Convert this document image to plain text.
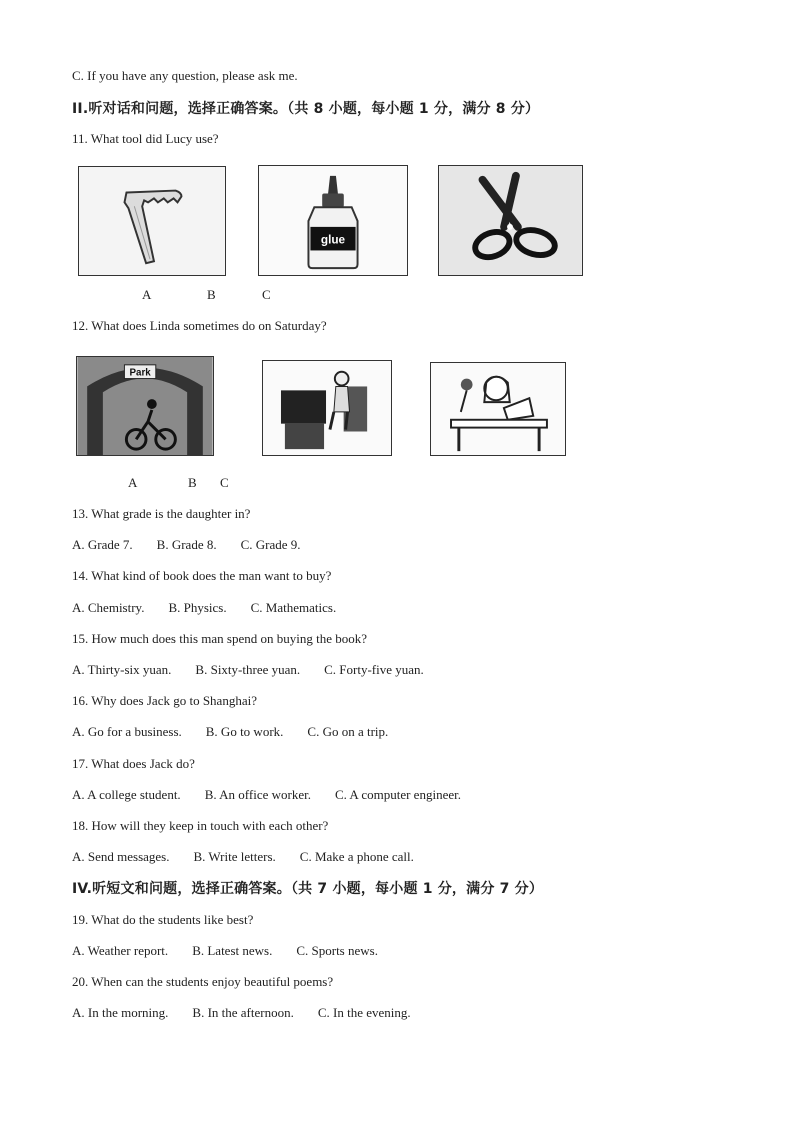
C. If you have any question, please ask me.
II.听对话和问题，选择正确答案。（共 8 小题，每小题 1 分，满分 8 分）
11. What tool did Lucy use?
glue
A	B	C
12. What does Linda sometimes do on Saturday?
Park
A	B C
13. What grade is the daughter in?
A. Grade 7. B. Grade 8. C. Grade 9.
14. What kind of book does the man want to buy?
A. Chemistry. B. Physics. C. Mathematics.
15. How much does this man spend on buying the book?
A. Thirty-six yuan. B. Sixty-three yuan. C. Forty-five yuan.
16. Why does Jack go to Shanghai?
A. Go for a business. B. Go to work. C. Go on a trip.
17. What does Jack do?
A. A college student. B. An office worker. C. A computer engineer.
18. How will they keep in touch with each other?
A. Send messages. B. Write letters. C. Make a phone call.
IV.听短文和问题，选择正确答案。（共 7 小题，每小题 1 分，满分 7 分）
19. What do the students like best?
A. Weather report. B. Latest news. C. Sports news.
20. When can the students enjoy beautiful poems?
A. In the morning. B. In the afternoon. C. In the evening.
